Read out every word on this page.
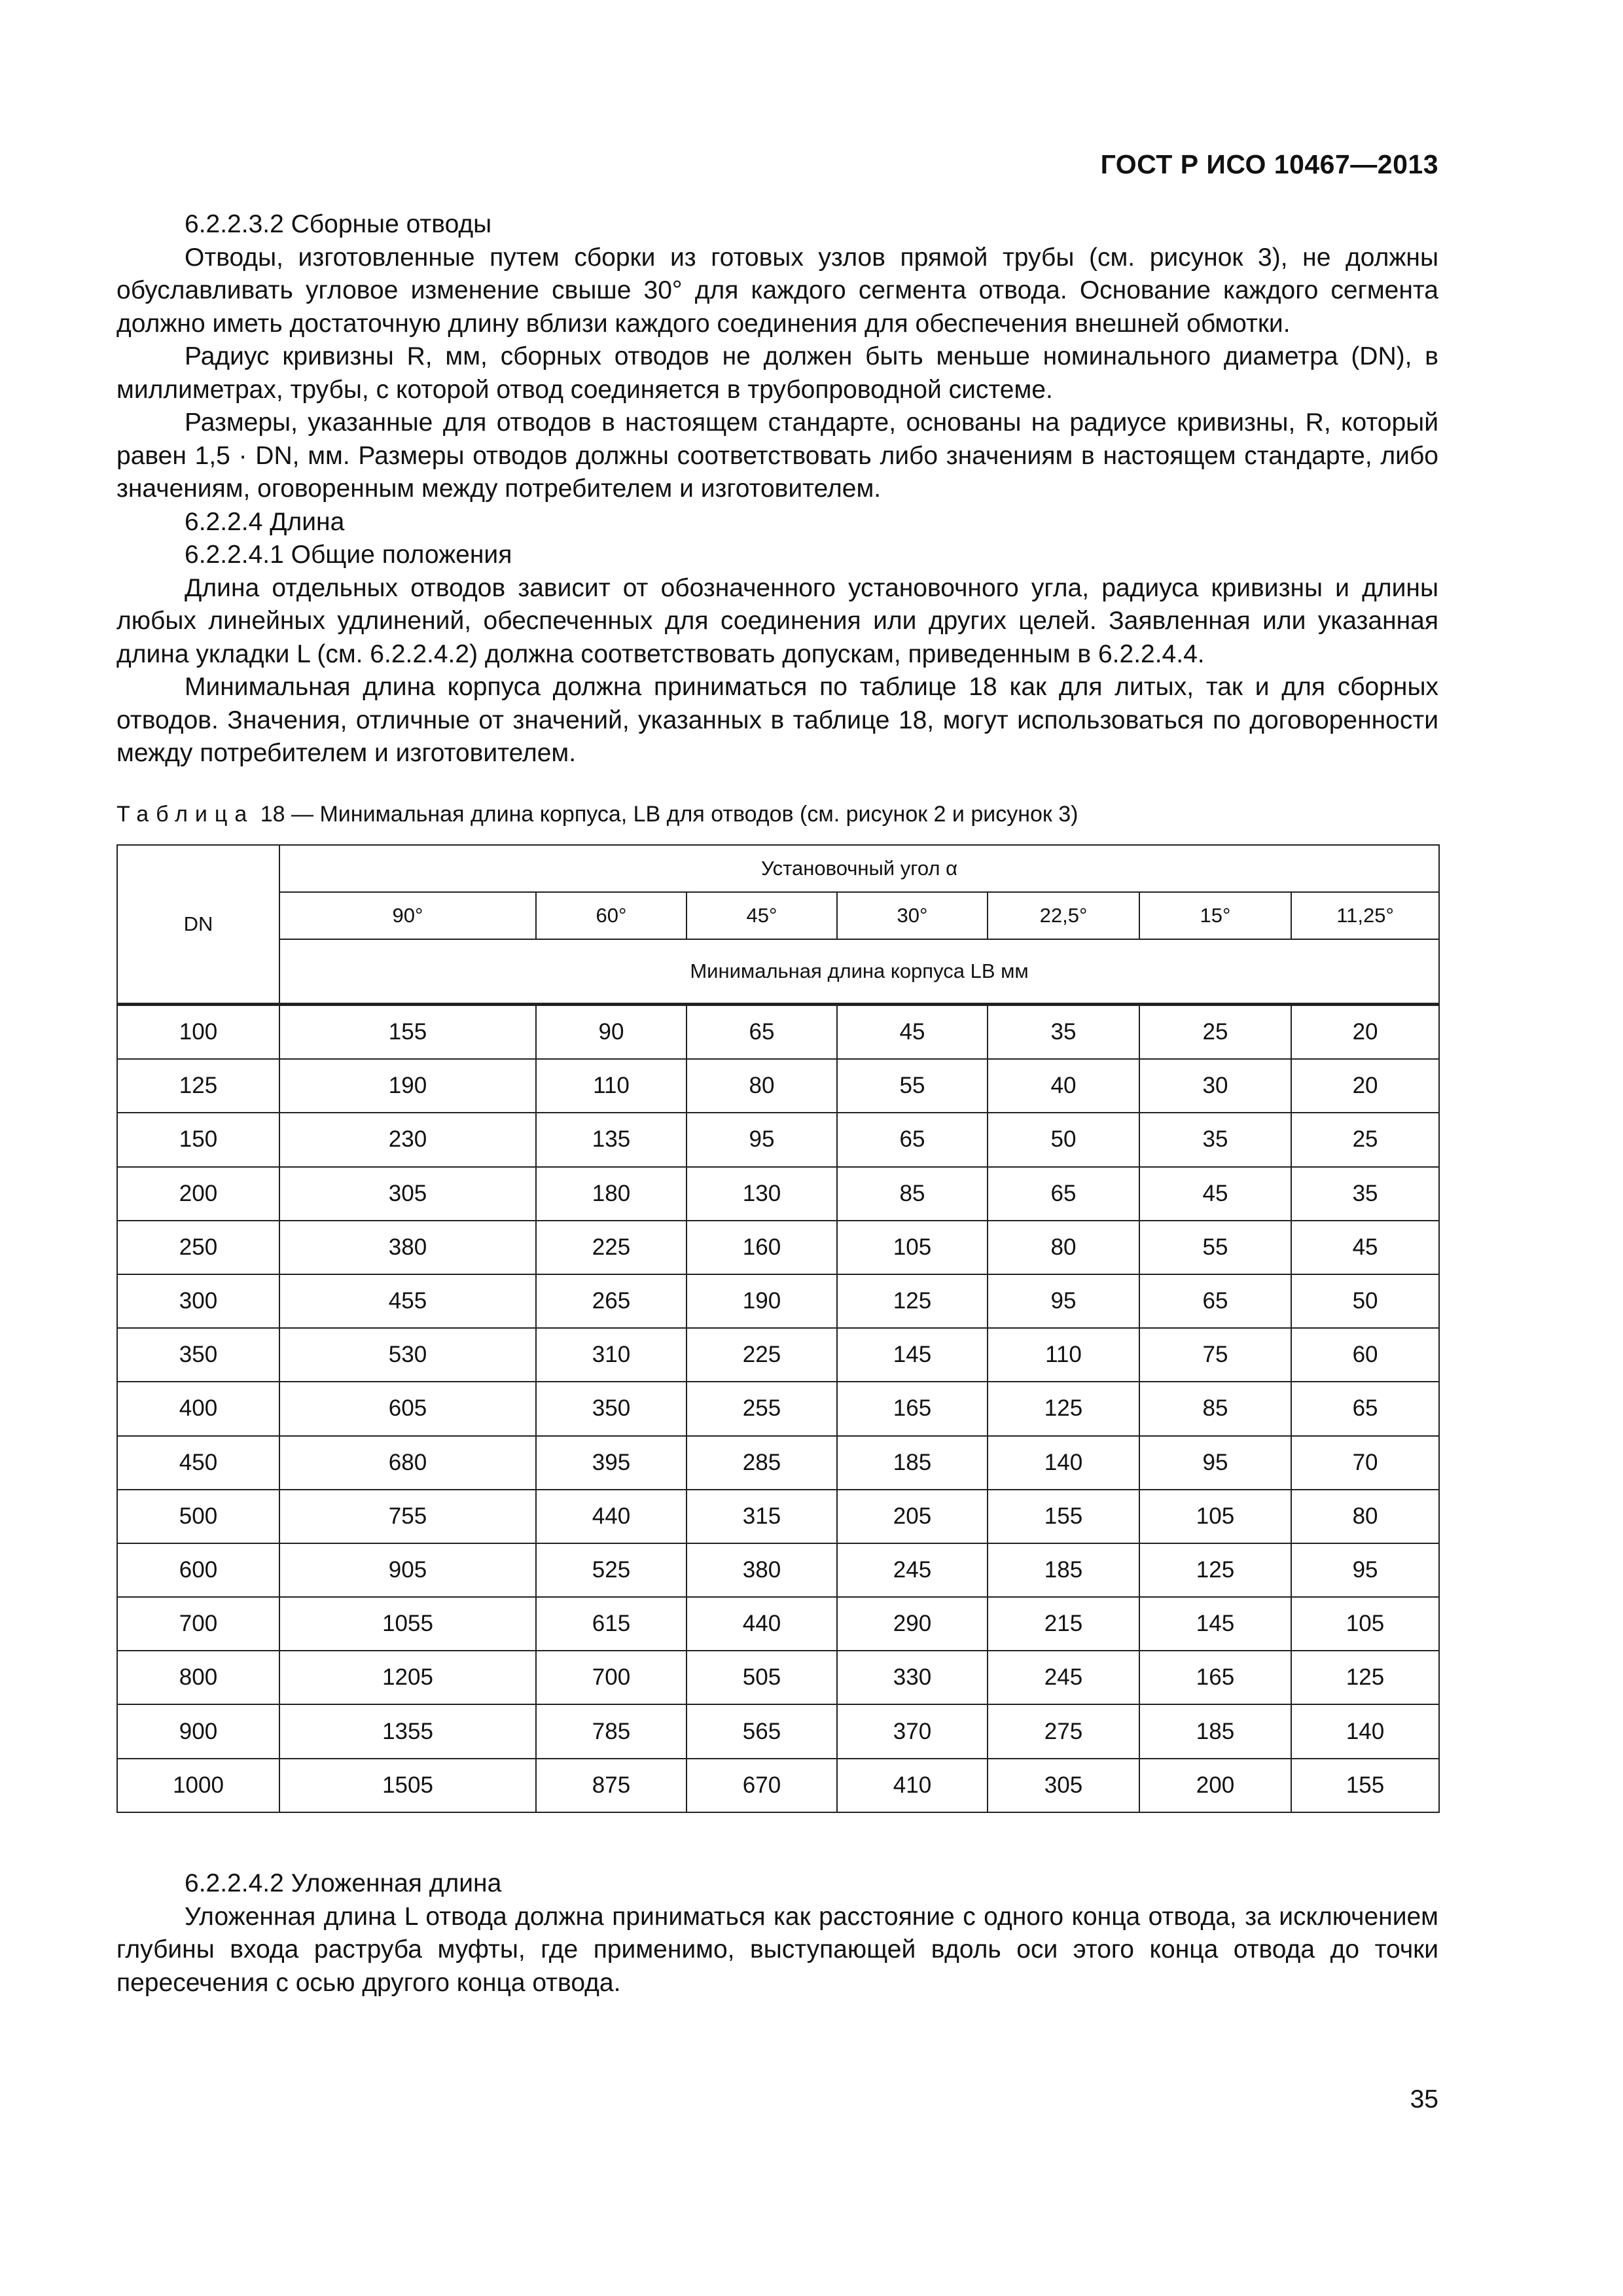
ГОСТ Р ИСО 10467—2013

6.2.2.3.2 Сборные отводы

Отводы, изготовленные путем сборки из готовых узлов прямой трубы (см. рисунок 3), не должны обуславливать угловое изменение свыше 30° для каждого сегмента отвода. Основание каждого сегмента должно иметь достаточную длину вблизи каждого соединения для обеспечения внешней обмотки.

Радиус кривизны R, мм, сборных отводов не должен быть меньше номинального диаметра (DN), в миллиметрах, трубы, с которой отвод соединяется в трубопроводной системе.

Размеры, указанные для отводов в настоящем стандарте, основаны на радиусе кривизны, R, который равен 1,5 · DN, мм. Размеры отводов должны соответствовать либо значениям в настоящем стандарте, либо значениям, оговоренным между потребителем и изготовителем.

6.2.2.4 Длина

6.2.2.4.1 Общие положения

Длина отдельных отводов зависит от обозначенного установочного угла, радиуса кривизны и длины любых линейных удлинений, обеспеченных для соединения или других целей. Заявленная или указанная длина укладки L (см. 6.2.2.4.2) должна соответствовать допускам, приведенным в 6.2.2.4.4.

Минимальная длина корпуса должна приниматься по таблице 18 как для литых, так и для сборных отводов. Значения, отличные от значений, указанных в таблице 18, могут использоваться по договоренности между потребителем и изготовителем.

Таблица 18 — Минимальная длина корпуса, LB для отводов (см. рисунок 2 и рисунок 3)
DN	Установочный угол α						
	90°	60°	45°	30°	22,5°	15°	11,25°
	Минимальная длина корпуса LB мм						
100	155	90	65	45	35	25	20
125	190	110	80	55	40	30	20
150	230	135	95	65	50	35	25
200	305	180	130	85	65	45	35
250	380	225	160	105	80	55	45
300	455	265	190	125	95	65	50
350	530	310	225	145	110	75	60
400	605	350	255	165	125	85	65
450	680	395	285	185	140	95	70
500	755	440	315	205	155	105	80
600	905	525	380	245	185	125	95
700	1055	615	440	290	215	145	105
800	1205	700	505	330	245	165	125
900	1355	785	565	370	275	185	140
1000	1505	875	670	410	305	200	155

6.2.2.4.2 Уложенная длина

Уложенная длина L отвода должна приниматься как расстояние с одного конца отвода, за исключением глубины входа раструба муфты, где применимо, выступающей вдоль оси этого конца отвода до точки пересечения с осью другого конца отвода.

35
